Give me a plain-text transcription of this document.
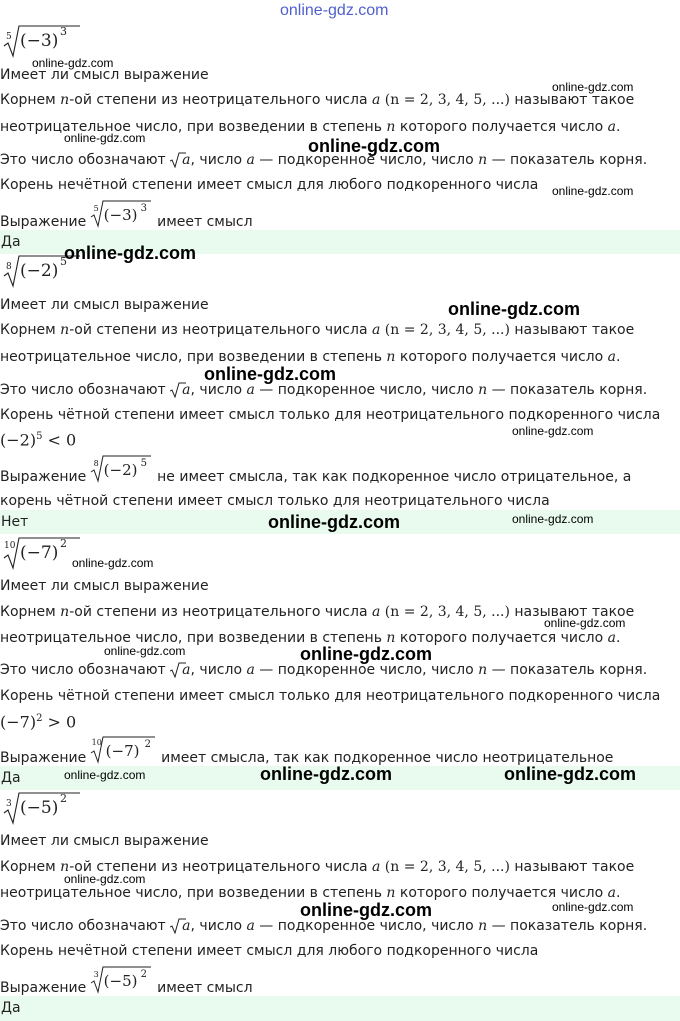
online-gdz.com
5 (−3) 3
Имеет ли смысл выражение
Корнем n-ой степени из неотрицательного числа a (n = 2, 3, 4, 5, ...) называют такое
неотрицательное число, при возведении в степень n которого получается число a.
Это число обозначают
a, число a — подкоренное число, число n — показатель корня.
Корень нечётной степени имеет смысл для любого подкоренного числа
Выражение
5 (−3) 3
имеет смысл
Да
8 (−2) 5
Имеет ли смысл выражение
Корнем n-ой степени из неотрицательного числа a (n = 2, 3, 4, 5, ...) называют такое
неотрицательное число, при возведении в степень n которого получается число a.
Это число обозначают
a, число a — подкоренное число, число n — показатель корня.
Корень чётной степени имеет смысл только для неотрицательного подкоренного числа
$(-2)^5 < 0$
Выражение
8 (−2) 5
не имеет смысла, так как подкоренное число отрицательное, а
корень чётной степени имеет смысл только для неотрицательного числа
Нет
10 (−7) 2
Имеет ли смысл выражение
Корнем n-ой степени из неотрицательного числа a (n = 2, 3, 4, 5, ...) называют такое
неотрицательное число, при возведении в степень n которого получается число a.
Это число обозначают
a, число a — подкоренное число, число n — показатель корня.
Корень чётной степени имеет смысл только для неотрицательного подкоренного числа
$(-7)^2 > 0$
Выражение
10 (−7) 2
имеет смысла, так как подкоренное число неотрицательное
Да
3 (−5) 2
Имеет ли смысл выражение
Корнем n-ой степени из неотрицательного числа a (n = 2, 3, 4, 5, ...) называют такое
неотрицательное число, при возведении в степень n которого получается число a.
Это число обозначают
a, число a — подкоренное число, число n — показатель корня.
Корень нечётной степени имеет смысл для любого подкоренного числа
Выражение
3 (−5) 2
имеет смысл
Да
online-gdz.com
online-gdz.com
online-gdz.com	online-gdz.com
online-gdz.com
online-gdz.com
online-gdz.com
online-gdz.com
online-gdz.com
online-gdz.com	online-gdz.com
online-gdz.com
online-gdz.com
online-gdz.com	online-gdz.com
online-gdz.com	online-gdz.com	online-gdz.com
online-gdz.com
online-gdz.com	online-gdz.com
